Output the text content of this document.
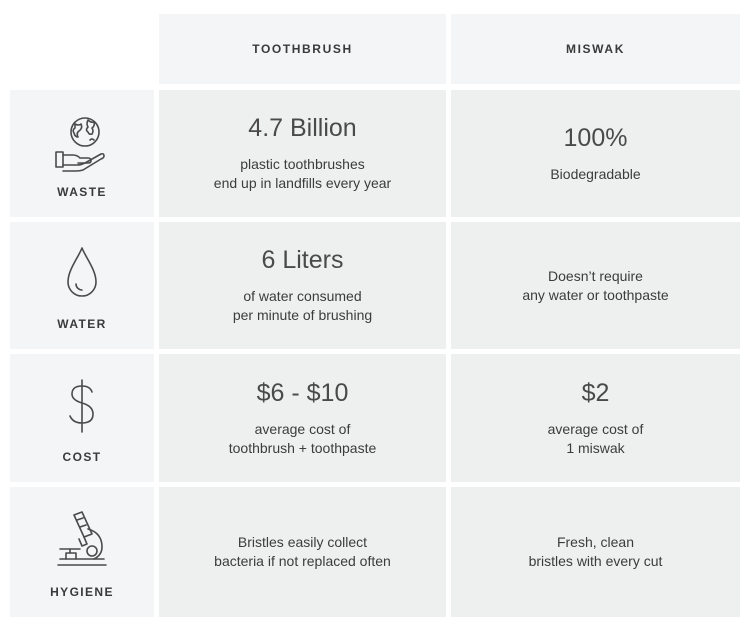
TOOTHBRUSH	MISWAK
WASTE
4.7 Billion
plastic toothbrushes
end up in landfills every year
100%
Biodegradable
WATER
6 Liters
of water consumed
per minute of brushing
Doesn’t require
any water or toothpaste
COST
$6 - $10
average cost of
toothbrush + toothpaste
$2
average cost of
1 miswak
HYGIENE
Bristles easily collect
bacteria if not replaced often
Fresh, clean
bristles with every cut
